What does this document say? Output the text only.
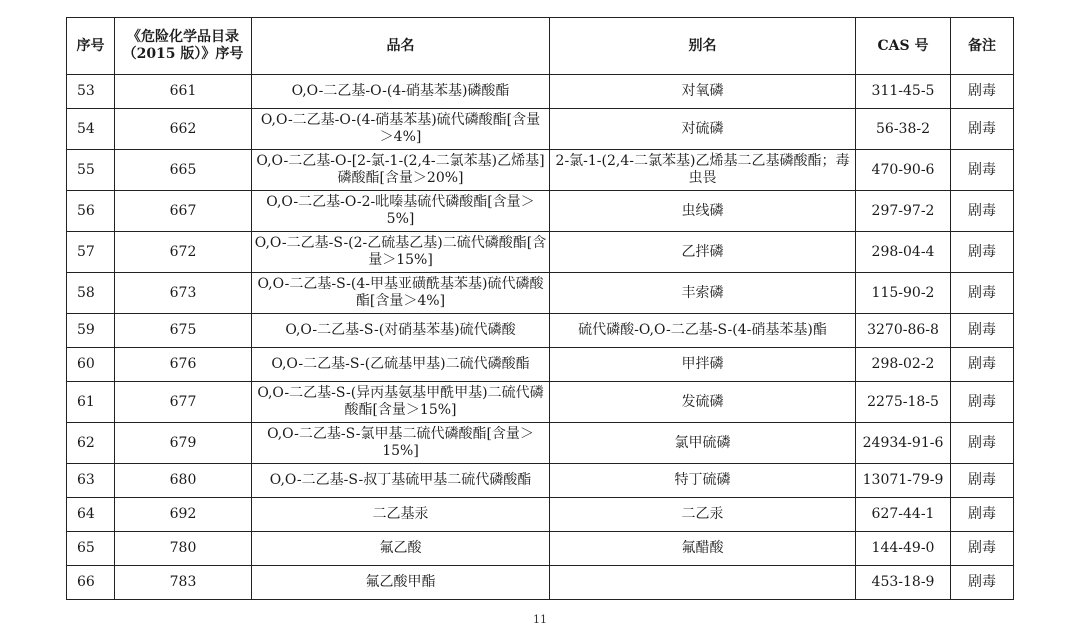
序号	《危险化学品目录（2015 版）》序号	品名	别名	CAS 号	备注
53	661	O,O-二乙基-O-(4-硝基苯基)磷酸酯	对氧磷	311-45-5	剧毒
54	662	O,O-二乙基-O-(4-硝基苯基)硫代磷酸酯[含量＞4%]	对硫磷	56-38-2	剧毒
55	665	O,O-二乙基-O-[2-氯-1-(2,4-二氯苯基)乙烯基]磷酸酯[含量＞20%]	2-氯-1-(2,4-二氯苯基)乙烯基二乙基磷酸酯；毒虫畏	470-90-6	剧毒
56	667	O,O-二乙基-O-2-吡嗪基硫代磷酸酯[含量＞5%]	虫线磷	297-97-2	剧毒
57	672	O,O-二乙基-S-(2-乙硫基乙基)二硫代磷酸酯[含量＞15%]	乙拌磷	298-04-4	剧毒
58	673	O,O-二乙基-S-(4-甲基亚磺酰基苯基)硫代磷酸酯[含量＞4%]	丰索磷	115-90-2	剧毒
59	675	O,O-二乙基-S-(对硝基苯基)硫代磷酸	硫代磷酸-O,O-二乙基-S-(4-硝基苯基)酯	3270-86-8	剧毒
60	676	O,O-二乙基-S-(乙硫基甲基)二硫代磷酸酯	甲拌磷	298-02-2	剧毒
61	677	O,O-二乙基-S-(异丙基氨基甲酰甲基)二硫代磷酸酯[含量＞15%]	发硫磷	2275-18-5	剧毒
62	679	O,O-二乙基-S-氯甲基二硫代磷酸酯[含量＞15%]	氯甲硫磷	24934-91-6	剧毒
63	680	O,O-二乙基-S-叔丁基硫甲基二硫代磷酸酯	特丁硫磷	13071-79-9	剧毒
64	692	二乙基汞	二乙汞	627-44-1	剧毒
65	780	氟乙酸	氟醋酸	144-49-0	剧毒
66	783	氟乙酸甲酯		453-18-9	剧毒
11
